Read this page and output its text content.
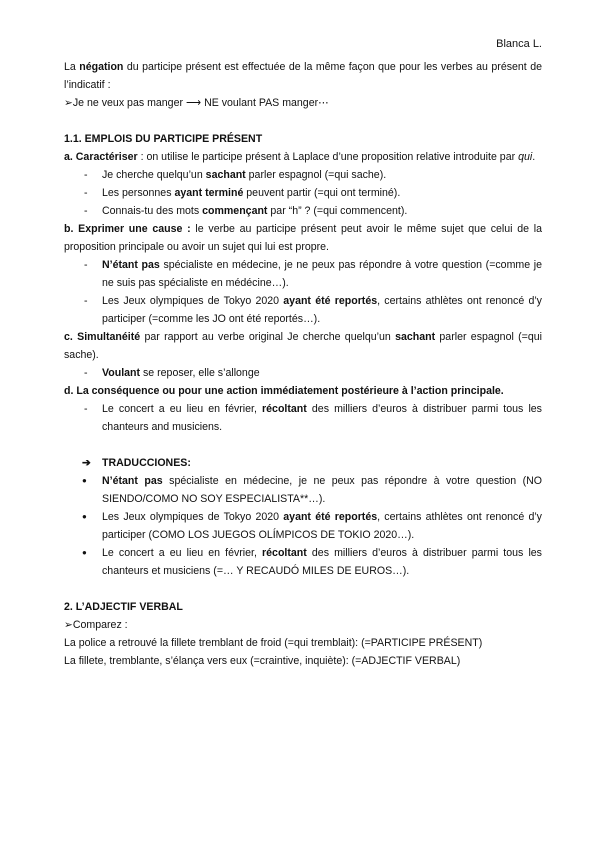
Blanca L.

La négation du participe présent est effectuée de la même façon que pour les verbes au présent de l’indicatif :

➢Je ne veux pas manger ⟶ NE voulant PAS manger⋯

1.1. EMPLOIS DU PARTICIPE PRÉSENT

a. Caractériser : on utilise le participe présent à Laplace d’une proposition relative introduite par qui.

- Je cherche quelqu’un sachant parler espagnol (=qui sache).
- Les personnes ayant terminé peuvent partir (=qui ont terminé).
- Connais-tu des mots commençant par “h” ? (=qui commencent).

b. Exprimer une cause : le verbe au participe présent peut avoir le même sujet que celui de la proposition principale ou avoir un sujet qui lui est propre.

- N’étant pas spécialiste en médecine, je ne peux pas répondre à votre question (=comme je ne suis pas spécialiste en médécine…).
- Les Jeux olympiques de Tokyo 2020 ayant été reportés, certains athlètes ont renoncé d’y participer (=comme les JO ont été reportés…).

c. Simultanéité par rapport au verbe original Je cherche quelqu’un sachant parler espagnol (=qui sache).

- Voulant se reposer, elle s’allonge

d. La conséquence ou pour une action immédiatement postérieure à l’action principale.

- Le concert a eu lieu en février, récoltant des milliers d’euros à distribuer parmi tous les chanteurs and musiciens.

➔ TRADUCCIONES:

● N’étant pas spécialiste en médecine, je ne peux pas répondre à votre question (NO SIENDO/COMO NO SOY ESPECIALISTA**…).
● Les Jeux olympiques de Tokyo 2020 ayant été reportés, certains athlètes ont renoncé d’y participer (COMO LOS JUEGOS OLÍMPICOS DE TOKIO 2020…).
● Le concert a eu lieu en février, récoltant des milliers d’euros à distribuer parmi tous les chanteurs et musiciens (=… Y RECAUDÓ MILES DE EUROS…).

2. L’ADJECTIF VERBAL

➢Comparez :

La police a retrouvé la fillete tremblant de froid (=qui tremblait): (=PARTICIPE PRÉSENT)

La fillete, tremblante, s’élança vers eux (=craintive, inquiète): (=ADJECTIF VERBAL)
